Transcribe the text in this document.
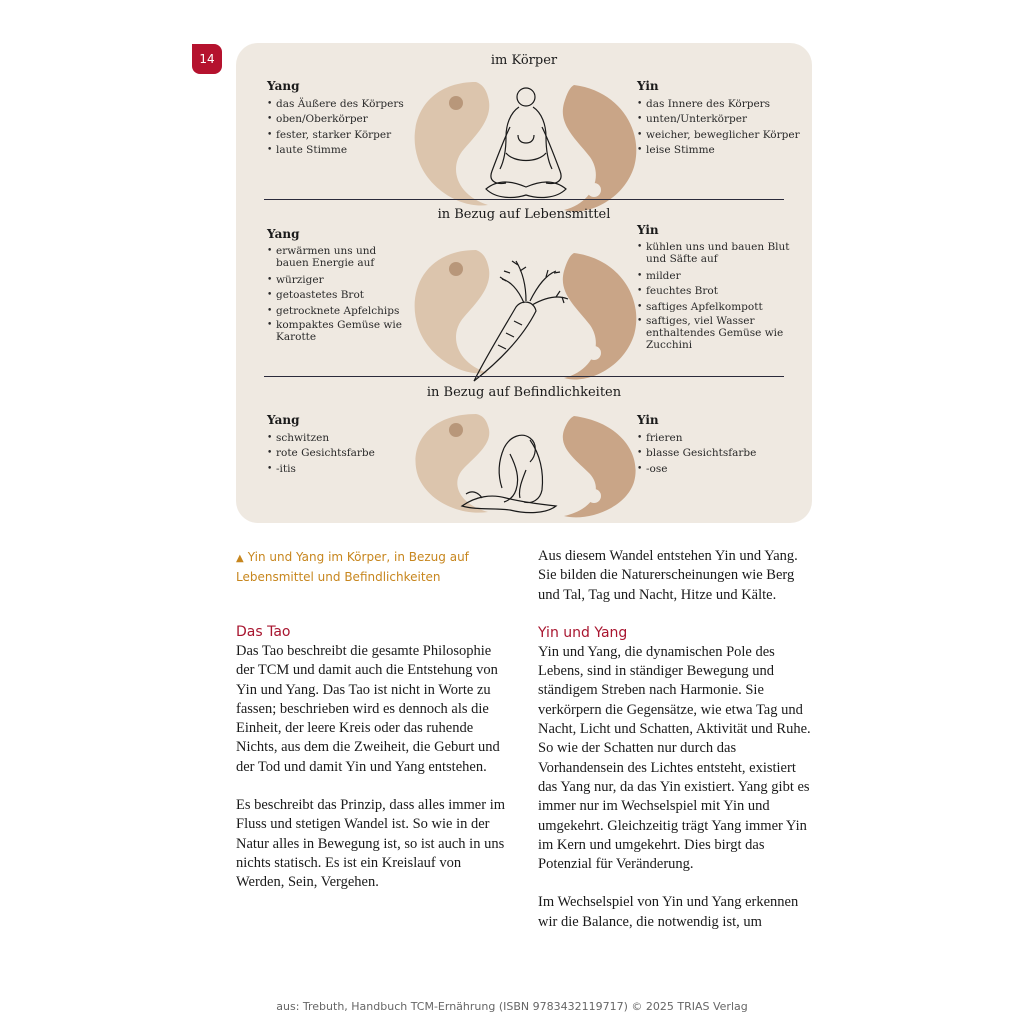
14	im Körper
Yang
• das Äußere des Körpers
• oben/Oberkörper
• fester, starker Körper
• laute Stimme
Yin
• das Innere des Körpers
• unten/Unterkörper
• weicher, beweglicher Körper
• leise Stimme
in Bezug auf Lebensmittel
Yang
• erwärmen uns und bauen Energie auf
• würziger
• getoastetes Brot
• getrocknete Apfelchips
• kompaktes Gemüse wie Karotte
Yin
• kühlen uns und bauen Blut und Säfte auf
• milder
• feuchtes Brot
• saftiges Apfelkompott
• saftiges, viel Wasser enthaltendes Gemüse wie Zucchini
in Bezug auf Befindlichkeiten
Yang
• schwitzen
• rote Gesichtsfarbe
• -itis
Yin
• frieren
• blasse Gesichtsfarbe
• -ose
▲ Yin und Yang im Körper, in Bezug auf Lebensmittel und Befindlichkeiten
Das Tao

Das Tao beschreibt die gesamte Philosophie der TCM und damit auch die Entstehung von Yin und Yang. Das Tao ist nicht in Worte zu fassen; beschrieben wird es dennoch als die Einheit, der leere Kreis oder das ruhende Nichts, aus dem die Zweiheit, die Geburt und der Tod und damit Yin und Yang entstehen.

Es beschreibt das Prinzip, dass alles immer im Fluss und stetigen Wandel ist. So wie in der Natur alles in Bewegung ist, so ist auch in uns nichts statisch. Es ist ein Kreislauf von Werden, Sein, Vergehen.

Aus diesem Wandel entstehen Yin und Yang. Sie bilden die Naturerscheinungen wie Berg und Tal, Tag und Nacht, Hitze und Kälte.

Yin und Yang

Yin und Yang, die dynamischen Pole des Lebens, sind in ständiger Bewegung und ständigem Streben nach Harmonie. Sie verkörpern die Gegensätze, wie etwa Tag und Nacht, Licht und Schatten, Aktivität und Ruhe. So wie der Schatten nur durch das Vorhandensein des Lichtes entsteht, existiert das Yang nur, da das Yin existiert. Yang gibt es immer nur im Wechselspiel mit Yin und umgekehrt. Gleichzeitig trägt Yang immer Yin im Kern und umgekehrt. Dies birgt das Potenzial für Veränderung.

Im Wechselspiel von Yin und Yang erkennen wir die Balance, die notwendig ist, um

aus: Trebuth, Handbuch TCM-Ernährung (ISBN 9783432119717) © 2025 TRIAS Verlag
